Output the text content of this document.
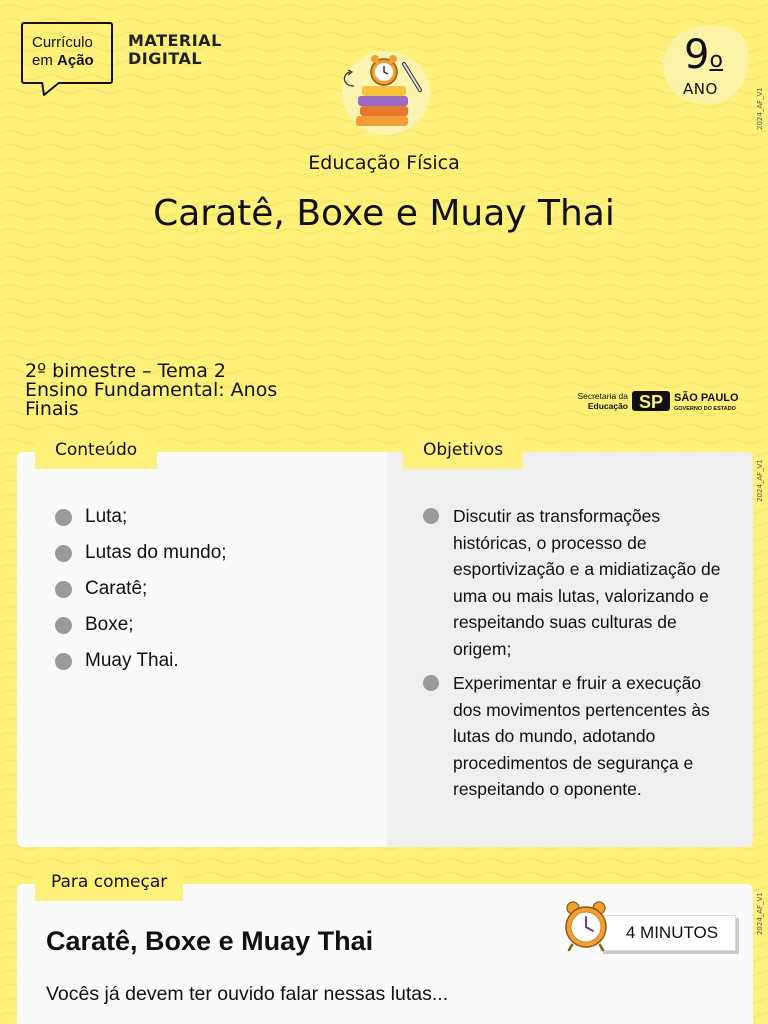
Currículo
em Ação
MATERIAL
DIGITAL	9$^o$
ANO	2024_AF_V1
2024_AF_V1
2024_AF_V1
Educação Física
Caratê, Boxe e Muay Thai
2º bimestre – Tema 2
Ensino Fundamental: Anos
Finais
Secretaria da
Educação SP SÃO PAULO
GOVERNO DO ESTADO
Conteúdo	Objetivos
Luta;
Lutas do mundo;
Caratê;
Boxe;
Muay Thai.
Discutir as transformações históricas, o processo de esportivização e a midiatização de uma ou mais lutas, valorizando e respeitando suas culturas de origem;
Experimentar e fruir a execução dos movimentos pertencentes às lutas do mundo, adotando procedimentos de segurança e respeitando o oponente.
Para começar
Caratê, Boxe e Muay Thai
Vocês já devem ter ouvido falar nessas lutas...
4 MINUTOS
